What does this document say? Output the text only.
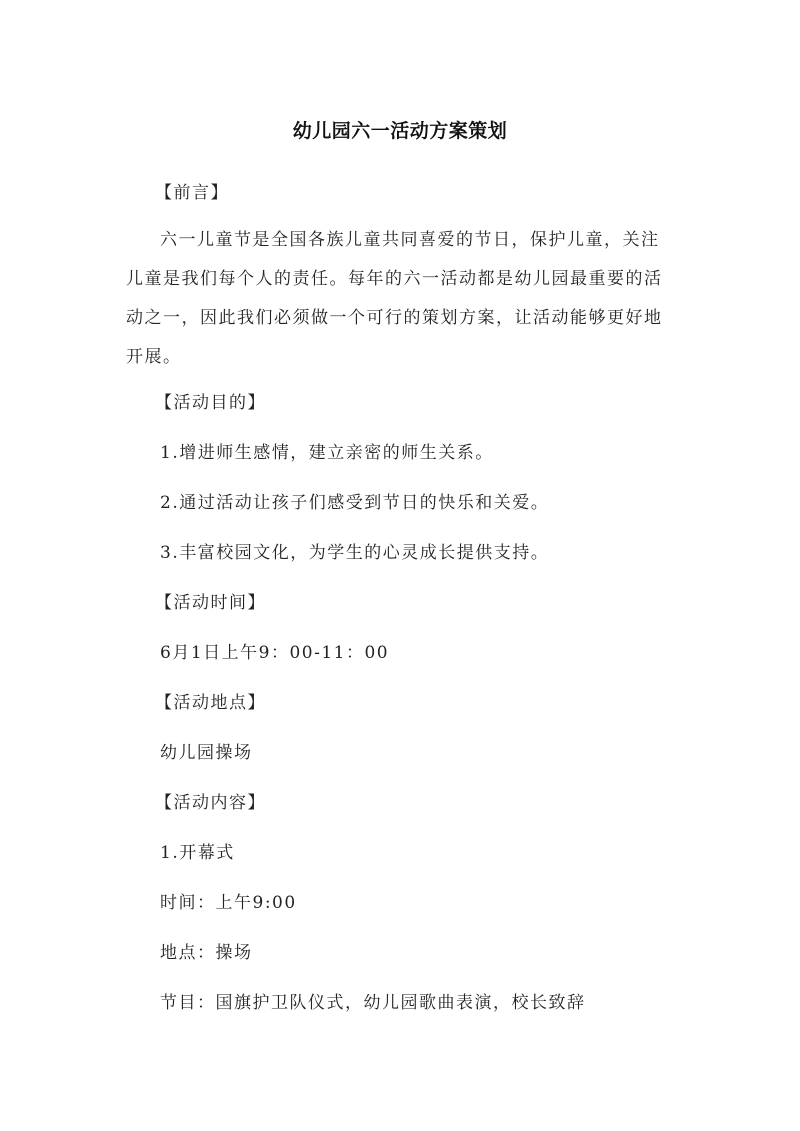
幼儿园六一活动方案策划

【前言】

六一儿童节是全国各族儿童共同喜爱的节日，保护儿童，关注
儿童是我们每个人的责任。每年的六一活动都是幼儿园最重要的活
动之一，因此我们必须做一个可行的策划方案，让活动能够更好地
开展。

【活动目的】

1.增进师生感情，建立亲密的师生关系。

2.通过活动让孩子们感受到节日的快乐和关爱。

3.丰富校园文化，为学生的心灵成长提供支持。

【活动时间】

6月1日上午9：00-11：00

【活动地点】

幼儿园操场

【活动内容】

1.开幕式

时间：上午9:00

地点：操场

节目：国旗护卫队仪式，幼儿园歌曲表演，校长致辞
